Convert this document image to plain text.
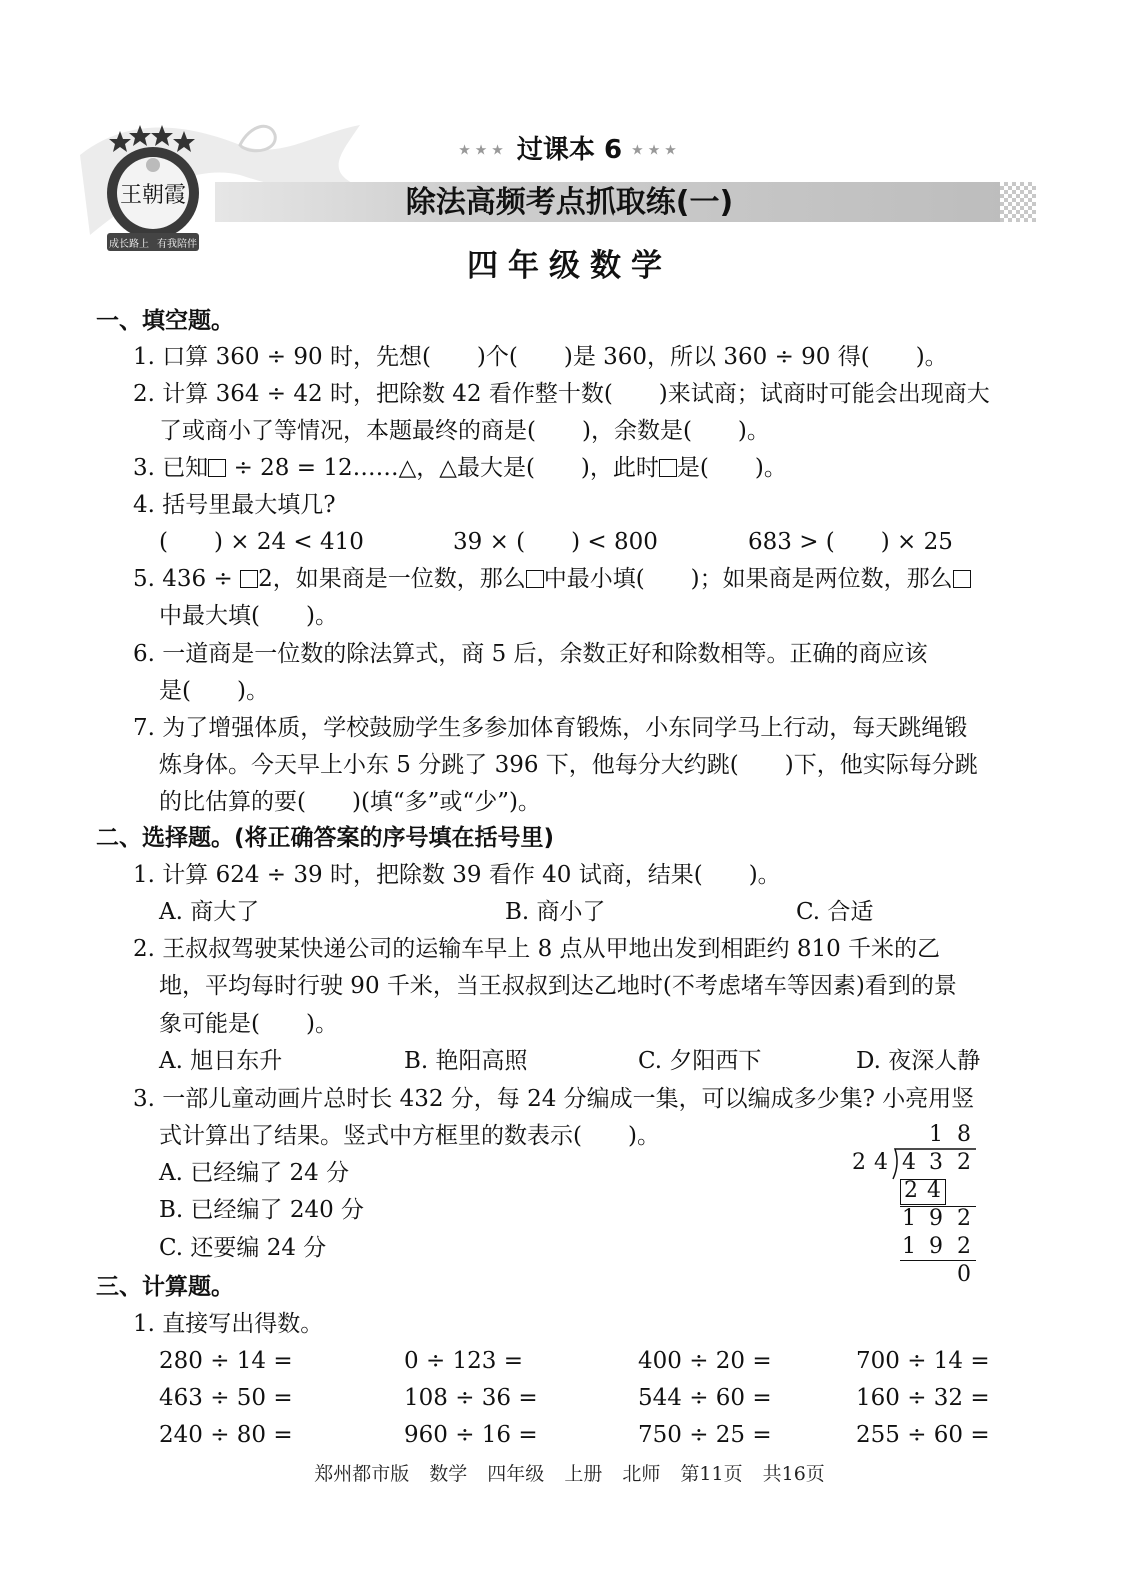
王朝霞
成长路上 有我陪伴
★★★ 过课本 6 ★★★
除法高频考点抓取练(一)
四年级数学
一、填空题。
1. 口算 360 ÷ 90 时，先想(　　)个(　　)是 360，所以 360 ÷ 90 得(　　)。
2. 计算 364 ÷ 42 时，把除数 42 看作整十数(　　)来试商；试商时可能会出现商大
了或商小了等情况，本题最终的商是(　　)，余数是(　　)。
3. 已知 ÷ 28 = 12……△，△最大是(　　)，此时 是(　　)。
4. 括号里最大填几?
(　　) × 24 < 410	39 × (　　) < 800	683 > (　　) × 25
5. 436 ÷ 2，如果商是一位数，那么 中最小填(　　)；如果商是两位数，那么
中最大填(　　)。
6. 一道商是一位数的除法算式，商 5 后，余数正好和除数相等。正确的商应该
是(　　)。
7. 为了增强体质，学校鼓励学生多参加体育锻炼，小东同学马上行动，每天跳绳锻
炼身体。今天早上小东 5 分跳了 396 下，他每分大约跳(　　)下，他实际每分跳
的比估算的要(　　)(填“多”或“少”)。
二、选择题。(将正确答案的序号填在括号里)
1. 计算 624 ÷ 39 时，把除数 39 看作 40 试商，结果(　　)。
A. 商大了	B. 商小了	C. 合适
2. 王叔叔驾驶某快递公司的运输车早上 8 点从甲地出发到相距约 810 千米的乙
地，平均每时行驶 90 千米，当王叔叔到达乙地时(不考虑堵车等因素)看到的景
象可能是(　　)。
A. 旭日东升	B. 艳阳高照	C. 夕阳西下	D. 夜深人静
3. 一部儿童动画片总时长 432 分，每 24 分编成一集，可以编成多少集? 小亮用竖
式计算出了结果。竖式中方框里的数表示(　　)。
A. 已经编了 24 分
B. 已经编了 240 分
C. 还要编 24 分
1 8
2 4 4 3 2
2 4
1 9 2
1 9 2
0
三、计算题。
1. 直接写出得数。
280 ÷ 14 =	0 ÷ 123 =	400 ÷ 20 =	700 ÷ 14 =
463 ÷ 50 =	108 ÷ 36 =	544 ÷ 60 =	160 ÷ 32 =
240 ÷ 80 =	960 ÷ 16 =	750 ÷ 25 =	255 ÷ 60 =
郑州都市版 数学 四年级 上册 北师 第11页 共16页
